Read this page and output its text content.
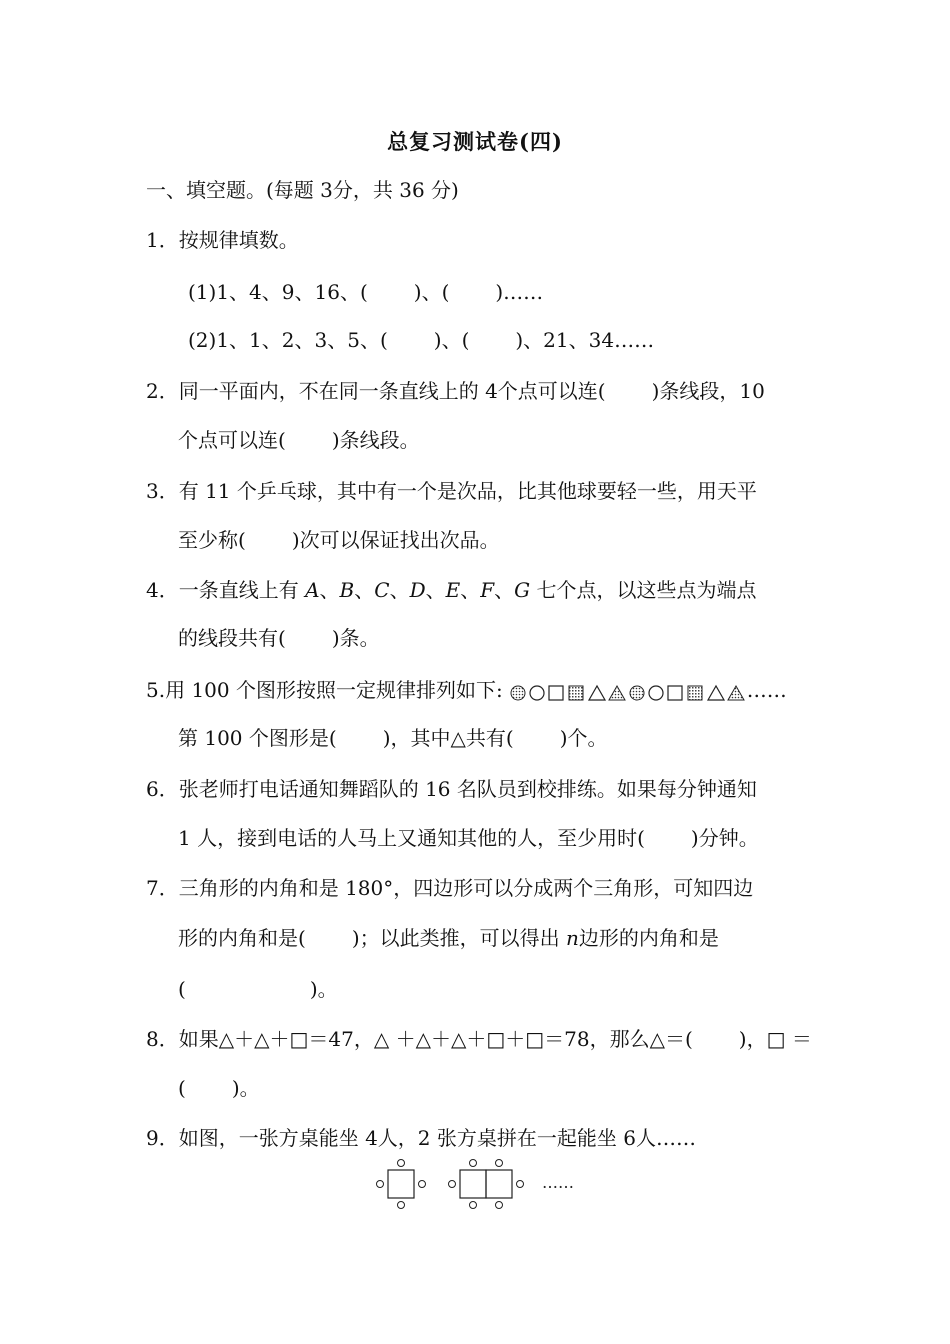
总复习测试卷(四)
一、填空题。(每题 3分，共 36 分)
1．按规律填数。
(1)1、4、9、16、( )、( )……
(2)1、1、2、3、5、( )、( )、21、34……
2．同一平面内，不在同一条直线上的 4个点可以连( )条线段，10
个点可以连( )条线段。
3．有 11 个乒乓球，其中有一个是次品，比其他球要轻一些，用天平
至少称( )次可以保证找出次品。
4．一条直线上有 A、B、C、D、E、F、G 七个点，以这些点为端点
的线段共有( )条。
5.用 100 个图形按照一定规律排列如下:	……
第 100 个图形是( )，其中△共有( )个。
6．张老师打电话通知舞蹈队的 16 名队员到校排练。如果每分钟通知
1 人，接到电话的人马上又通知其他的人，至少用时( )分钟。
7．三角形的内角和是 180°，四边形可以分成两个三角形，可知四边
形的内角和是( )；以此类推，可以得出 n边形的内角和是
(	)。
8．如果△＋△＋□＝47，△ ＋△＋△＋□＋□＝78，那么△＝( )，□ ＝
( )。
9．如图，一张方桌能坐 4人，2 张方桌拼在一起能坐 6人……
……
